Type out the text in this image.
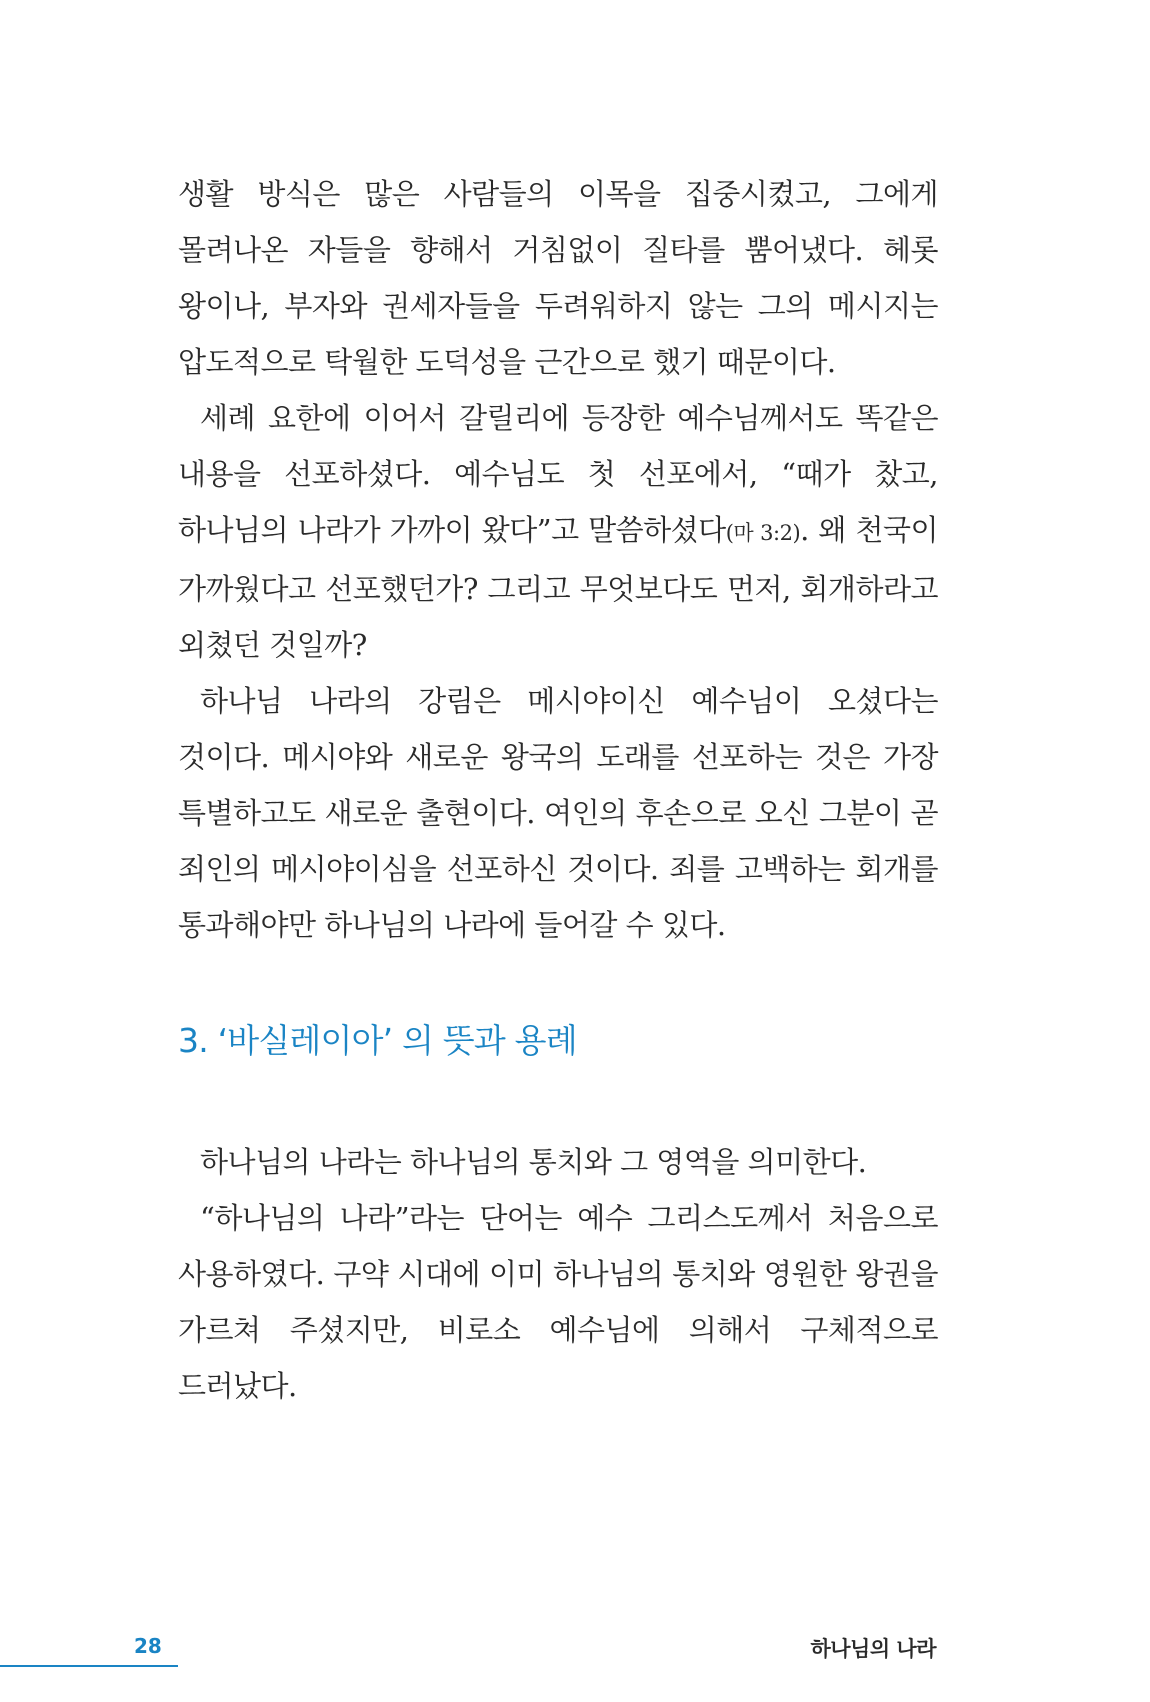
생활 방식은 많은 사람들의 이목을 집중시켰고, 그에게 몰려나온 자들을 향해서 거침없이 질타를 뿜어냈다. 헤롯 왕이나, 부자와 권세자들을 두려워하지 않는 그의 메시지는 압도적으로 탁월한 도덕성을 근간으로 했기 때문이다.

세례 요한에 이어서 갈릴리에 등장한 예수님께서도 똑같은 내용을 선포하셨다. 예수님도 첫 선포에서, “때가 찼고, 하나님의 나라가 가까이 왔다”고 말씀하셨다(마 3:2). 왜 천국이 가까웠다고 선포했던가? 그리고 무엇보다도 먼저, 회개하라고 외쳤던 것일까?

하나님 나라의 강림은 메시야이신 예수님이 오셨다는 것이다. 메시야와 새로운 왕국의 도래를 선포하는 것은 가장 특별하고도 새로운 출현이다. 여인의 후손으로 오신 그분이 곧 죄인의 메시야이심을 선포하신 것이다. 죄를 고백하는 회개를 통과해야만 하나님의 나라에 들어갈 수 있다.

3. ‘바실레이아’ 의 뜻과 용례

하나님의 나라는 하나님의 통치와 그 영역을 의미한다.

“하나님의 나라”라는 단어는 예수 그리스도께서 처음으로 사용하였다. 구약 시대에 이미 하나님의 통치와 영원한 왕권을 가르쳐 주셨지만, 비로소 예수님에 의해서 구체적으로 드러났다.

28	하나님의 나라
